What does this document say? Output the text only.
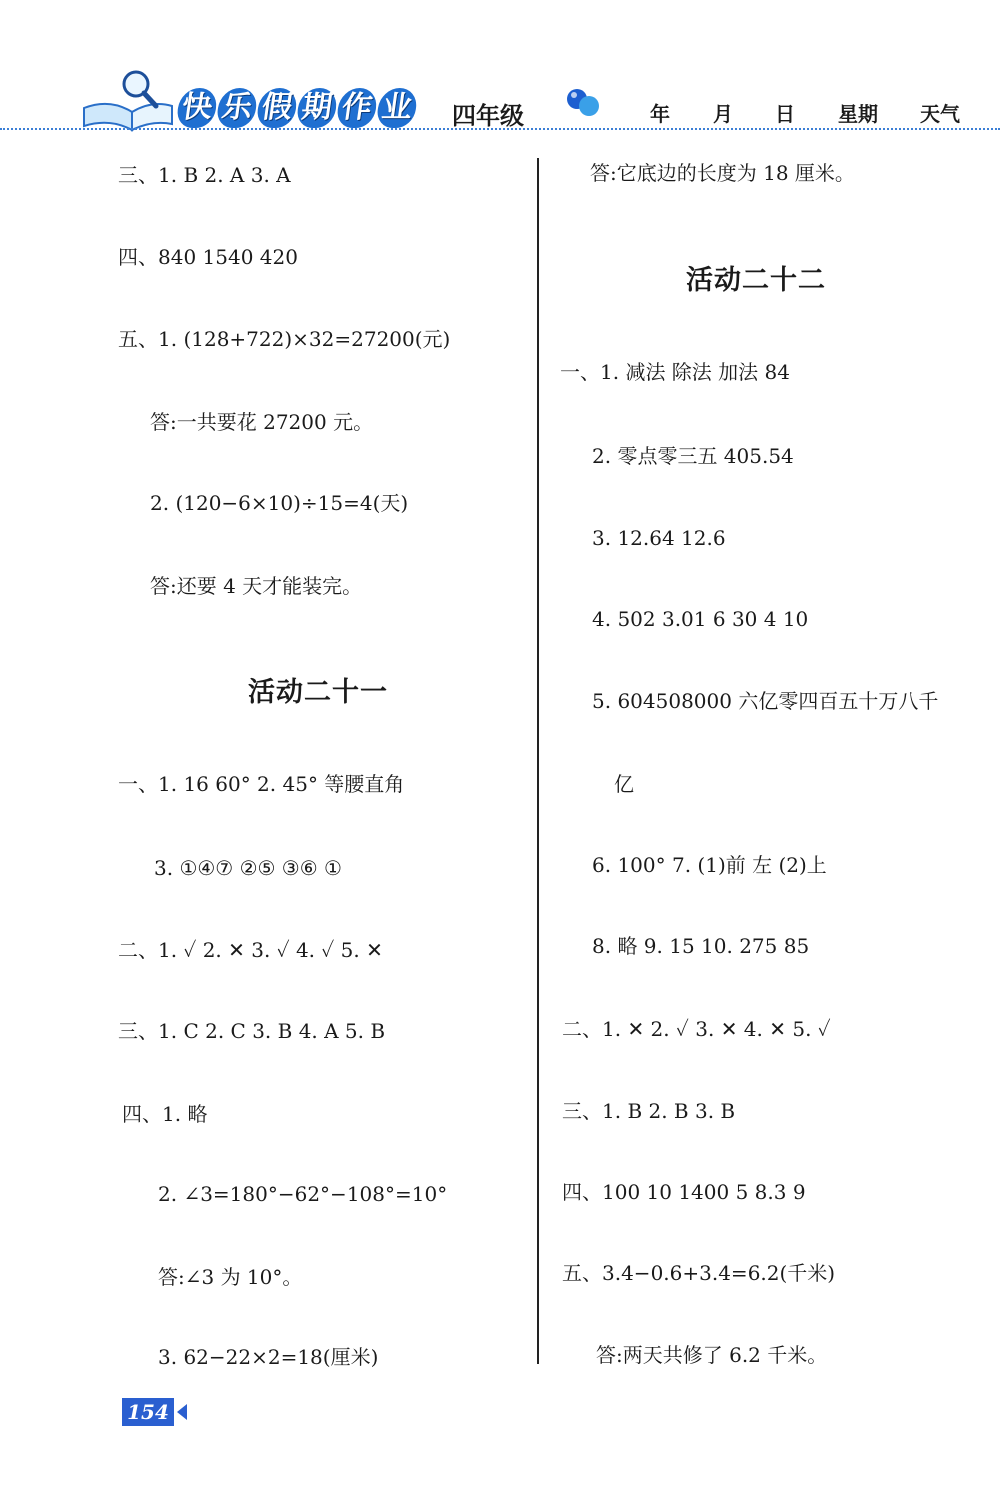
快 乐 假 期 作 业 四年级	年 月 日 星期 天气
三、1. B 2. A 3. A
四、840 1540 420
五、1. (128+722)×32=27200(元)
答:一共要花 27200 元。
2. (120−6×10)÷15=4(天)
答:还要 4 天才能装完。
活动二十一
一、1. 16 60° 2. 45° 等腰直角
3. ①④⑦ ②⑤ ③⑥ ①
二、1. ✓ 2. ✕ 3. ✓ 4. ✓ 5. ✕
三、1. C 2. C 3. B 4. A 5. B
四、1. 略
2. ∠3=180°−62°−108°=10°
答:∠3 为 10°。
3. 62−22×2=18(厘米)
答:它底边的长度为 18 厘米。
活动二十二
一、1. 减法 除法 加法 84
2. 零点零三五 405.54
3. 12.64 12.6
4. 502 3.01 6 30 4 10
5. 604508000 六亿零四百五十万八千
亿
6. 100° 7. (1)前 左 (2)上
8. 略 9. 15 10. 275 85
二、1. ✕ 2. ✓ 3. ✕ 4. ✕ 5. ✓
三、1. B 2. B 3. B
四、100 10 1400 5 8.3 9
五、3.4−0.6+3.4=6.2(千米)
答:两天共修了 6.2 千米。
154
